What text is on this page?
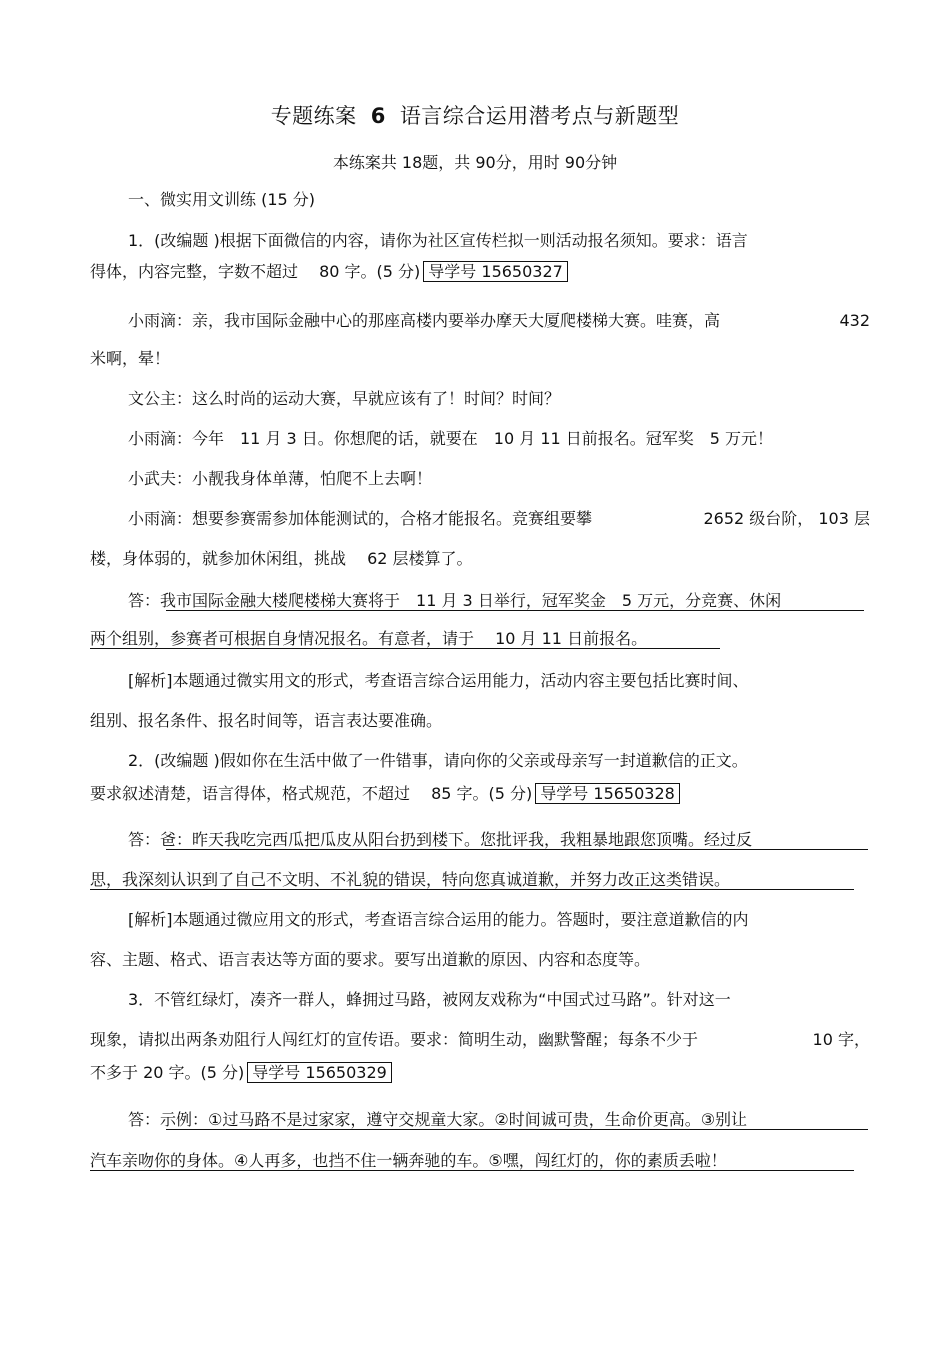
专题练案 6 语言综合运用潜考点与新题型
本练案共 18题，共 90分，用时 90分钟
一、微实用文训练 (15 分)
1．(改编题 )根据下面微信的内容，请你为社区宣传栏拟一则活动报名须知。要求：语言
得体，内容完整，字数不超过　 80 字。(5 分) 导学号 15650327
小雨滴：亲，我市国际金融中心的那座高楼内要举办摩天大厦爬楼梯大赛。哇赛，高	432
米啊，晕！
文公主：这么时尚的运动大赛，早就应该有了！时间？时间？
小雨滴：今年　11 月 3 日。你想爬的话，就要在　10 月 11 日前报名。冠军奖　5 万元！
小武夫：小靓我身体单薄，怕爬不上去啊！
小雨滴：想要参赛需参加体能测试的，合格才能报名。竞赛组要攀	2652 级台阶， 103 层
楼，身体弱的，就参加休闲组，挑战　 62 层楼算了。
答：我市国际金融大楼爬楼梯大赛将于　11 月 3 日举行，冠军奖金　5 万元，分竞赛、休闲
两个组别，参赛者可根据自身情况报名。有意者，请于　 10 月 11 日前报名。
[解析]本题通过微实用文的形式，考查语言综合运用能力，活动内容主要包括比赛时间、
组别、报名条件、报名时间等，语言表达要准确。
2．(改编题 )假如你在生活中做了一件错事，请向你的父亲或母亲写一封道歉信的正文。
要求叙述清楚，语言得体，格式规范，不超过　 85 字。(5 分) 导学号 15650328
答：爸：昨天我吃完西瓜把瓜皮从阳台扔到楼下。您批评我，我粗暴地跟您顶嘴。经过反
思，我深刻认识到了自己不文明、不礼貌的错误，特向您真诚道歉，并努力改正这类错误。
[解析]本题通过微应用文的形式，考查语言综合运用的能力。答题时，要注意道歉信的内
容、主题、格式、语言表达等方面的要求。要写出道歉的原因、内容和态度等。
3．不管红绿灯，凑齐一群人，蜂拥过马路，被网友戏称为“中国式过马路”。针对这一
现象，请拟出两条劝阻行人闯红灯的宣传语。要求：简明生动，幽默警醒；每条不少于	10 字，
不多于 20 字。(5 分) 导学号 15650329
答：示例：①过马路不是过家家，遵守交规童大家。②时间诚可贵，生命价更高。③别让
汽车亲吻你的身体。④人再多，也挡不住一辆奔驰的车。⑤嘿，闯红灯的，你的素质丢啦！
